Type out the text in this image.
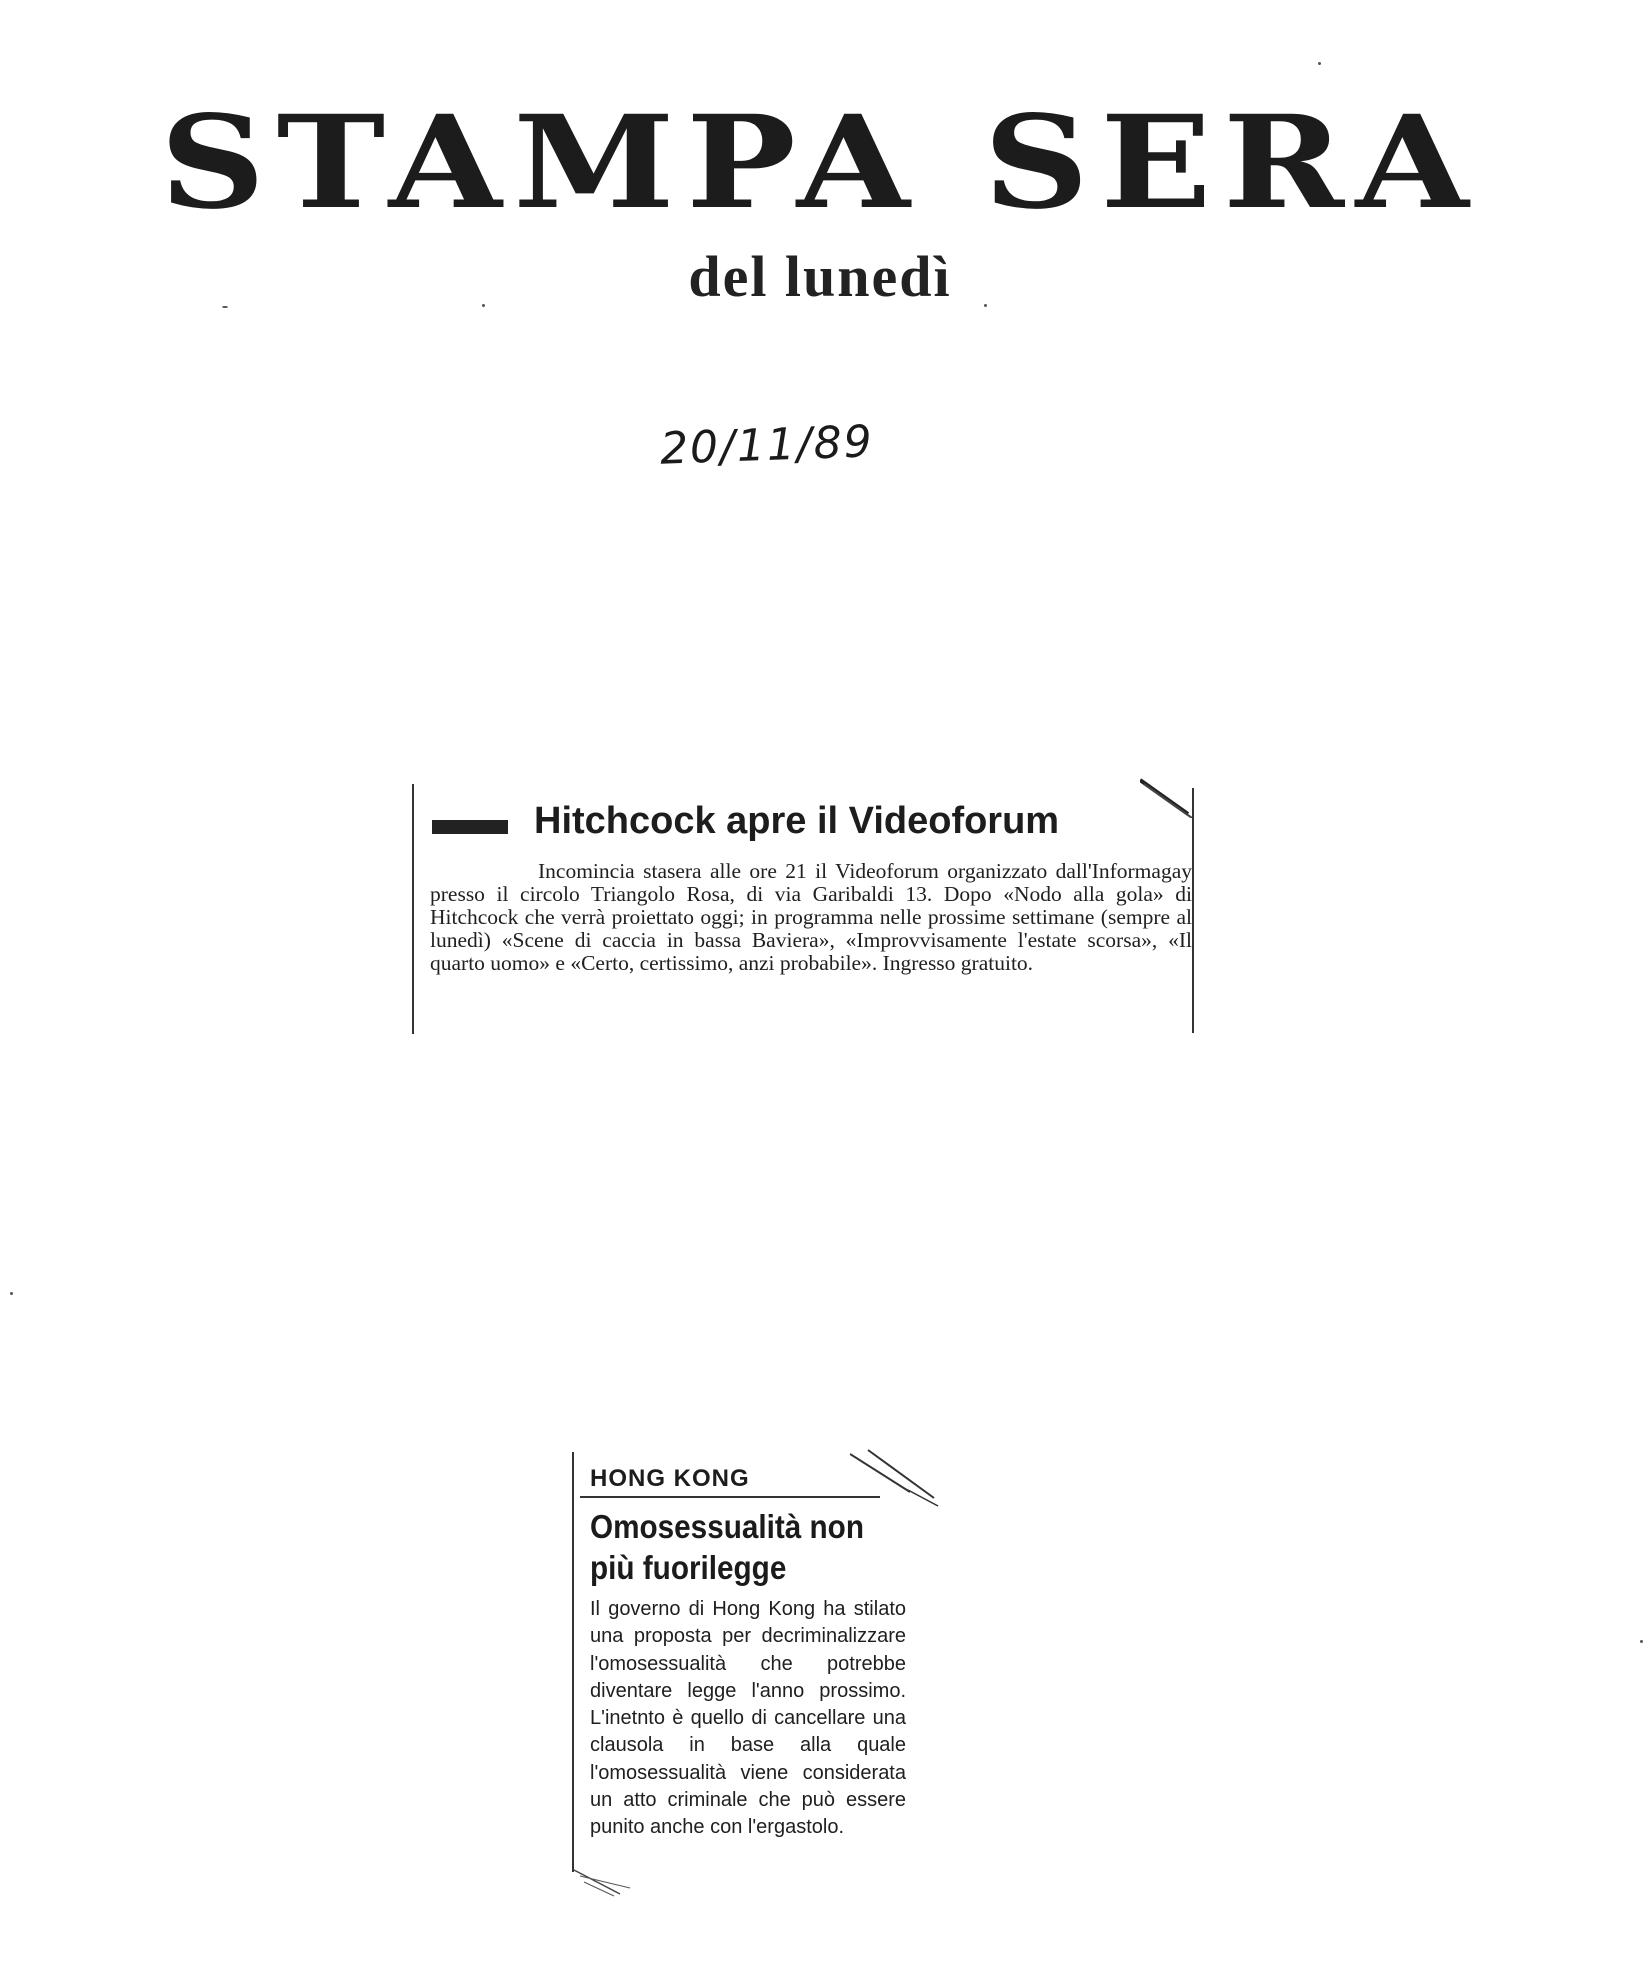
STAMPA SERA
del lunedì
20/11/89
Hitchcock apre il Videoforum

Incomincia stasera alle ore 21 il Videoforum organizzato dall'Informagay presso il circolo Triangolo Rosa, di via Garibaldi 13. Dopo «Nodo alla gola» di Hitchcock che verrà proiettato oggi; in programma nelle prossime settimane (sempre al lunedì) «Scene di caccia in bassa Baviera», «Improvvisamente l'estate scorsa», «Il quarto uomo» e «Certo, certissimo, anzi probabile». Ingresso gratuito.

HONG KONG
Omosessualità non più fuorilegge

Il governo di Hong Kong ha stilato una proposta per decriminalizzare l'omosessualità che potrebbe diventare legge l'anno prossimo. L'inetnto è quello di cancellare una clausola in base alla quale l'omosessualità viene considerata un atto criminale che può essere punito anche con l'ergastolo.
